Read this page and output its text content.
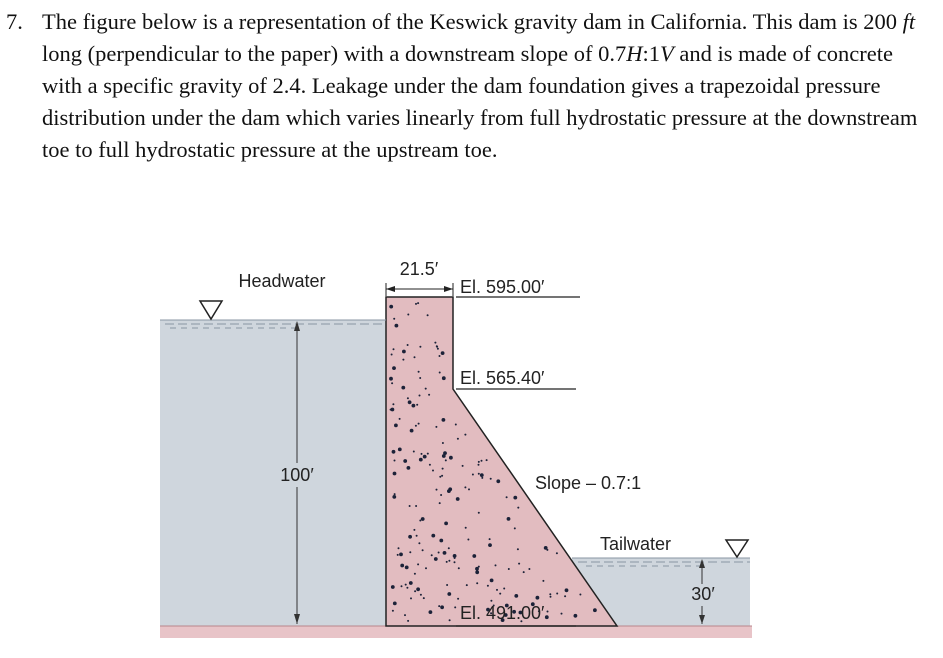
7. The figure below is a representation of the Keswick gravity dam in California. This dam is 200 ft long (perpendicular to the paper) with a downstream slope of 0.7H:1V and is made of concrete with a specific gravity of 2.4. Leakage under the dam foundation gives a trapezoidal pressure distribution under the dam which varies linearly from full hydrostatic pressure at the downstream toe to full hydrostatic pressure at the upstream toe.
Headwater
21.5′
El. 595.00′
El. 565.40′
Slope – 0.7:1
Tailwater
100′
30′
El. 491.00′
